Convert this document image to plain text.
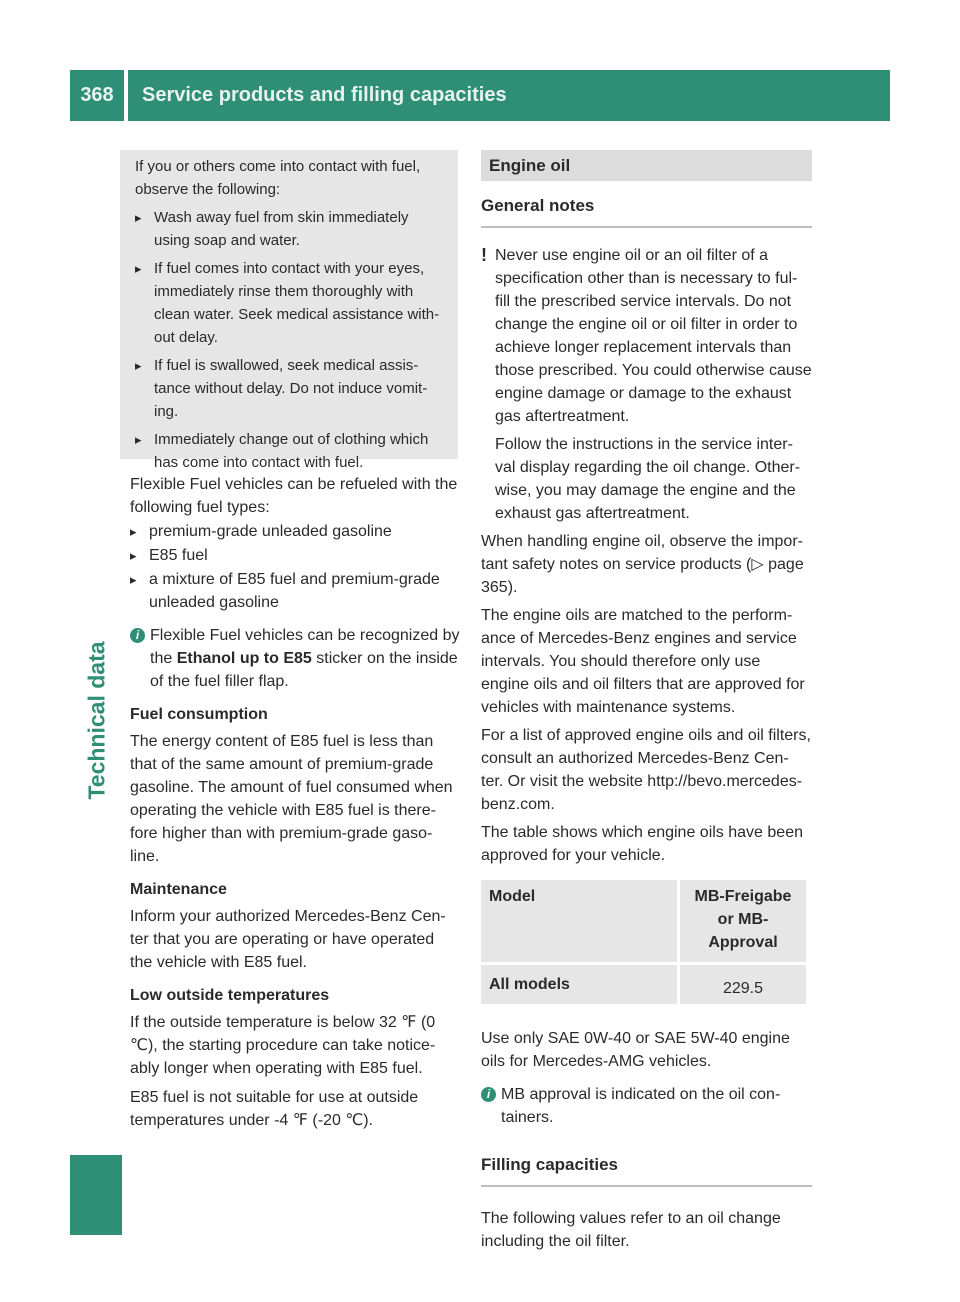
368	Service products and filling capacities
Technical data

If you or others come into contact with fuel, observe the following:

▸ Wash away fuel from skin immediately using soap and water.
▸ If fuel comes into contact with your eyes, immediately rinse them thoroughly with clean water. Seek medical assistance with- out delay.
▸ If fuel is swallowed, seek medical assis- tance without delay. Do not induce vomit- ing.
▸ Immediately change out of clothing which has come into contact with fuel.

Flexible Fuel vehicles can be refueled with the following fuel types:

▸ premium-grade unleaded gasoline
▸ E85 fuel
▸ a mixture of E85 fuel and premium-grade unleaded gasoline
i Flexible Fuel vehicles can be recognized by the Ethanol up to E85 sticker on the inside of the fuel filler flap.

Fuel consumption

The energy content of E85 fuel is less than that of the same amount of premium-grade gasoline. The amount of fuel consumed when operating the vehicle with E85 fuel is there- fore higher than with premium-grade gaso- line.

Maintenance

Inform your authorized Mercedes-Benz Cen- ter that you are operating or have operated the vehicle with E85 fuel.

Low outside temperatures

If the outside temperature is below 32 ℉ (0 ℃), the starting procedure can take notice- ably longer when operating with E85 fuel.

E85 fuel is not suitable for use at outside temperatures under -4 ℉ (-20 ℃).

Engine oil
General notes
! Never use engine oil or an oil filter of a specification other than is necessary to ful- fill the prescribed service intervals. Do not change the engine oil or oil filter in order to achieve longer replacement intervals than those prescribed. You could otherwise cause engine damage or damage to the exhaust gas aftertreatment.

Follow the instructions in the service inter- val display regarding the oil change. Other- wise, you may damage the engine and the exhaust gas aftertreatment.

When handling engine oil, observe the impor- tant safety notes on service products (▷ page 365).

The engine oils are matched to the perform- ance of Mercedes-Benz engines and service intervals. You should therefore only use engine oils and oil filters that are approved for vehicles with maintenance systems.

For a list of approved engine oils and oil filters, consult an authorized Mercedes-Benz Cen- ter. Or visit the website http://bevo.mercedes-benz.com.

The table shows which engine oils have been approved for your vehicle.

Model	MB-Freigabe or MB- Approval
All models	229.5

Use only SAE 0W-40 or SAE 5W-40 engine oils for Mercedes-AMG vehicles.

i MB approval is indicated on the oil con- tainers.
Filling capacities

The following values refer to an oil change including the oil filter.
